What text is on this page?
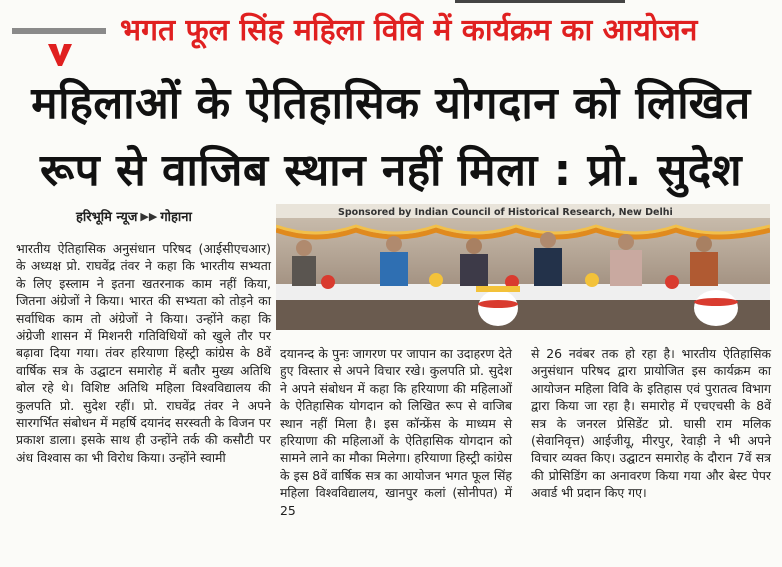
भगत फूल सिंह महिला विवि में कार्यक्रम का आयोजन
महिलाओं के ऐतिहासिक योगदान को लिखित
रूप से वाजिब स्थान नहीं मिला : प्रो. सुदेश
हरिभूमि न्यूज ▶▶ गोहाना	Sponsored by Indian Council of Historical Research, New Delhi
भारतीय ऐतिहासिक अनुसंधान परिषद (आईसीएचआर) के अध्यक्ष प्रो. राघवेंद्र तंवर ने कहा कि भारतीय सभ्यता के लिए इस्लाम ने इतना खतरनाक काम नहीं किया, जितना अंग्रेजों ने किया। भारत की सभ्यता को तोड़ने का सर्वाधिक काम तो अंग्रेजों ने किया। उन्होंने कहा कि अंग्रेजी शासन में मिशनरी गतिविधियों को खुले तौर पर बढ़ावा दिया गया। तंवर हरियाणा हिस्ट्री कांग्रेस के 8वें वार्षिक सत्र के उद्घाटन समारोह में बतौर मुख्य अतिथि बोल रहे थे। विशिष्ट अतिथि महिला विश्वविद्यालय की कुलपति प्रो. सुदेश रहीं। प्रो. राघवेंद्र तंवर ने अपने सारगर्भित संबोधन में महर्षि दयानंद सरस्वती के विजन पर प्रकाश डाला। इसके साथ ही उन्होंने तर्क की कसौटी पर अंध विश्वास का भी विरोध किया। उन्होंने स्वामी
दयानन्द के पुनः जागरण पर जापान का उदाहरण देते हुए विस्तार से अपने विचार रखे। कुलपति प्रो. सुदेश ने अपने संबोधन में कहा कि हरियाणा की महिलाओं के ऐतिहासिक योगदान को लिखित रूप से वाजिब स्थान नहीं मिला है। इस कॉन्फ्रेंस के माध्यम से हरियाणा की महिलाओं के ऐतिहासिक योगदान को सामने लाने का मौका मिलेगा। हरियाणा हिस्ट्री कांग्रेस के इस 8वें वार्षिक सत्र का आयोजन भगत फूल सिंह महिला विश्वविद्यालय, खानपुर कलां (सोनीपत) में 25
से 26 नवंबर तक हो रहा है। भारतीय ऐतिहासिक अनुसंधान परिषद द्वारा प्रायोजित इस कार्यक्रम का आयोजन महिला विवि के इतिहास एवं पुरातत्व विभाग द्वारा किया जा रहा है। समारोह में एचएचसी के 8वें सत्र के जनरल प्रेसिडेंट प्रो. घासी राम मलिक (सेवानिवृत्त) आईजीयू, मीरपुर, रेवाड़ी ने भी अपने विचार व्यक्त किए। उद्घाटन समारोह के दौरान 7वें सत्र की प्रोसिडिंग का अनावरण किया गया और बेस्ट पेपर अवार्ड भी प्रदान किए गए।
